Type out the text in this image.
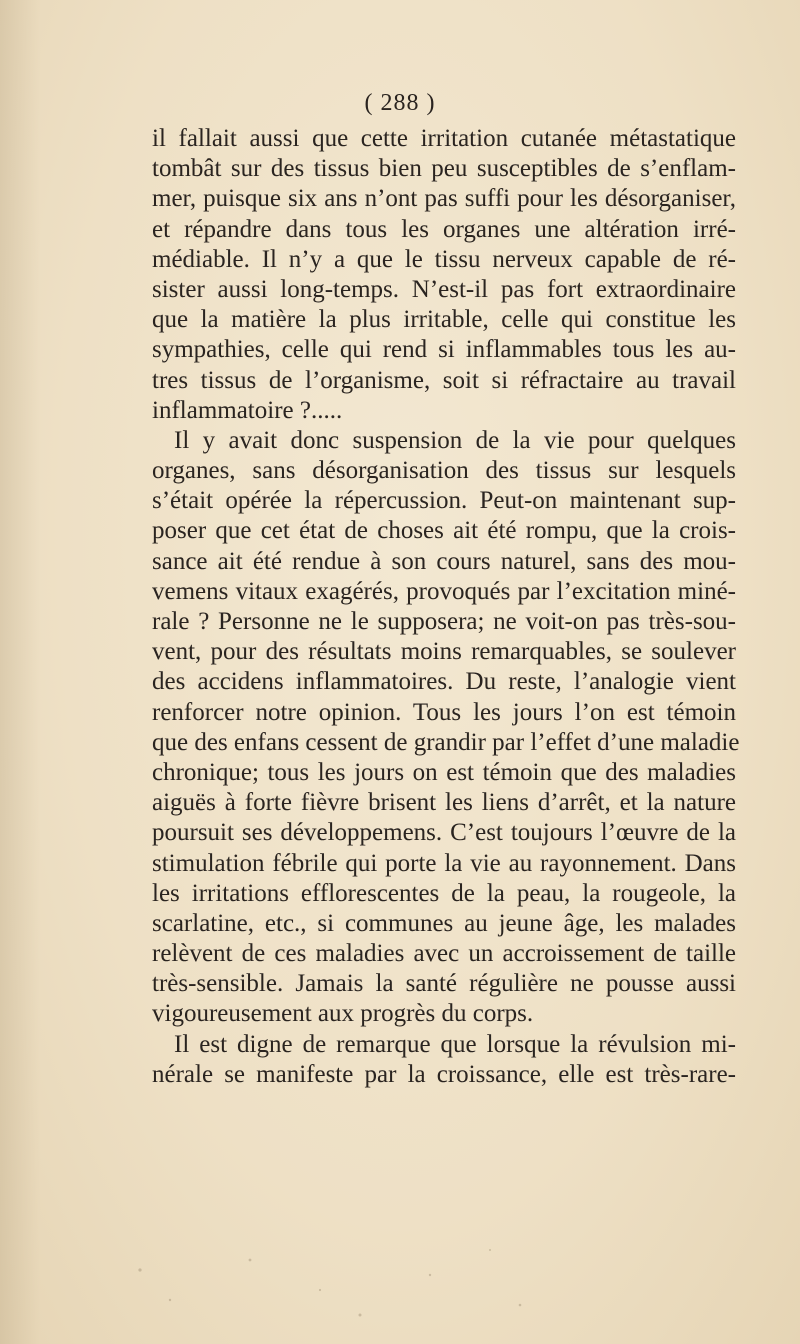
( 288 )
il fallait aussi que cette irritation cutanée métastatique
tombât sur des tissus bien peu susceptibles de s’enflam-
mer, puisque six ans n’ont pas suffi pour les désorganiser,
et répandre dans tous les organes une altération irré-
médiable. Il n’y a que le tissu nerveux capable de ré-
sister aussi long-temps. N’est-il pas fort extraordinaire
que la matière la plus irritable, celle qui constitue les
sympathies, celle qui rend si inflammables tous les au-
tres tissus de l’organisme, soit si réfractaire au travail
inflammatoire ?.....
Il y avait donc suspension de la vie pour quelques
organes, sans désorganisation des tissus sur lesquels
s’était opérée la répercussion. Peut-on maintenant sup-
poser que cet état de choses ait été rompu, que la crois-
sance ait été rendue à son cours naturel, sans des mou-
vemens vitaux exagérés, provoqués par l’excitation miné-
rale ? Personne ne le supposera; ne voit-on pas très-sou-
vent, pour des résultats moins remarquables, se soulever
des accidens inflammatoires. Du reste, l’analogie vient
renforcer notre opinion. Tous les jours l’on est témoin
que des enfans cessent de grandir par l’effet d’une maladie
chronique; tous les jours on est témoin que des maladies
aiguës à forte fièvre brisent les liens d’arrêt, et la nature
poursuit ses développemens. C’est toujours l’œuvre de la
stimulation fébrile qui porte la vie au rayonnement. Dans
les irritations efflorescentes de la peau, la rougeole, la
scarlatine, etc., si communes au jeune âge, les malades
relèvent de ces maladies avec un accroissement de taille
très-sensible. Jamais la santé régulière ne pousse aussi
vigoureusement aux progrès du corps.
Il est digne de remarque que lorsque la révulsion mi-
nérale se manifeste par la croissance, elle est très-rare-
